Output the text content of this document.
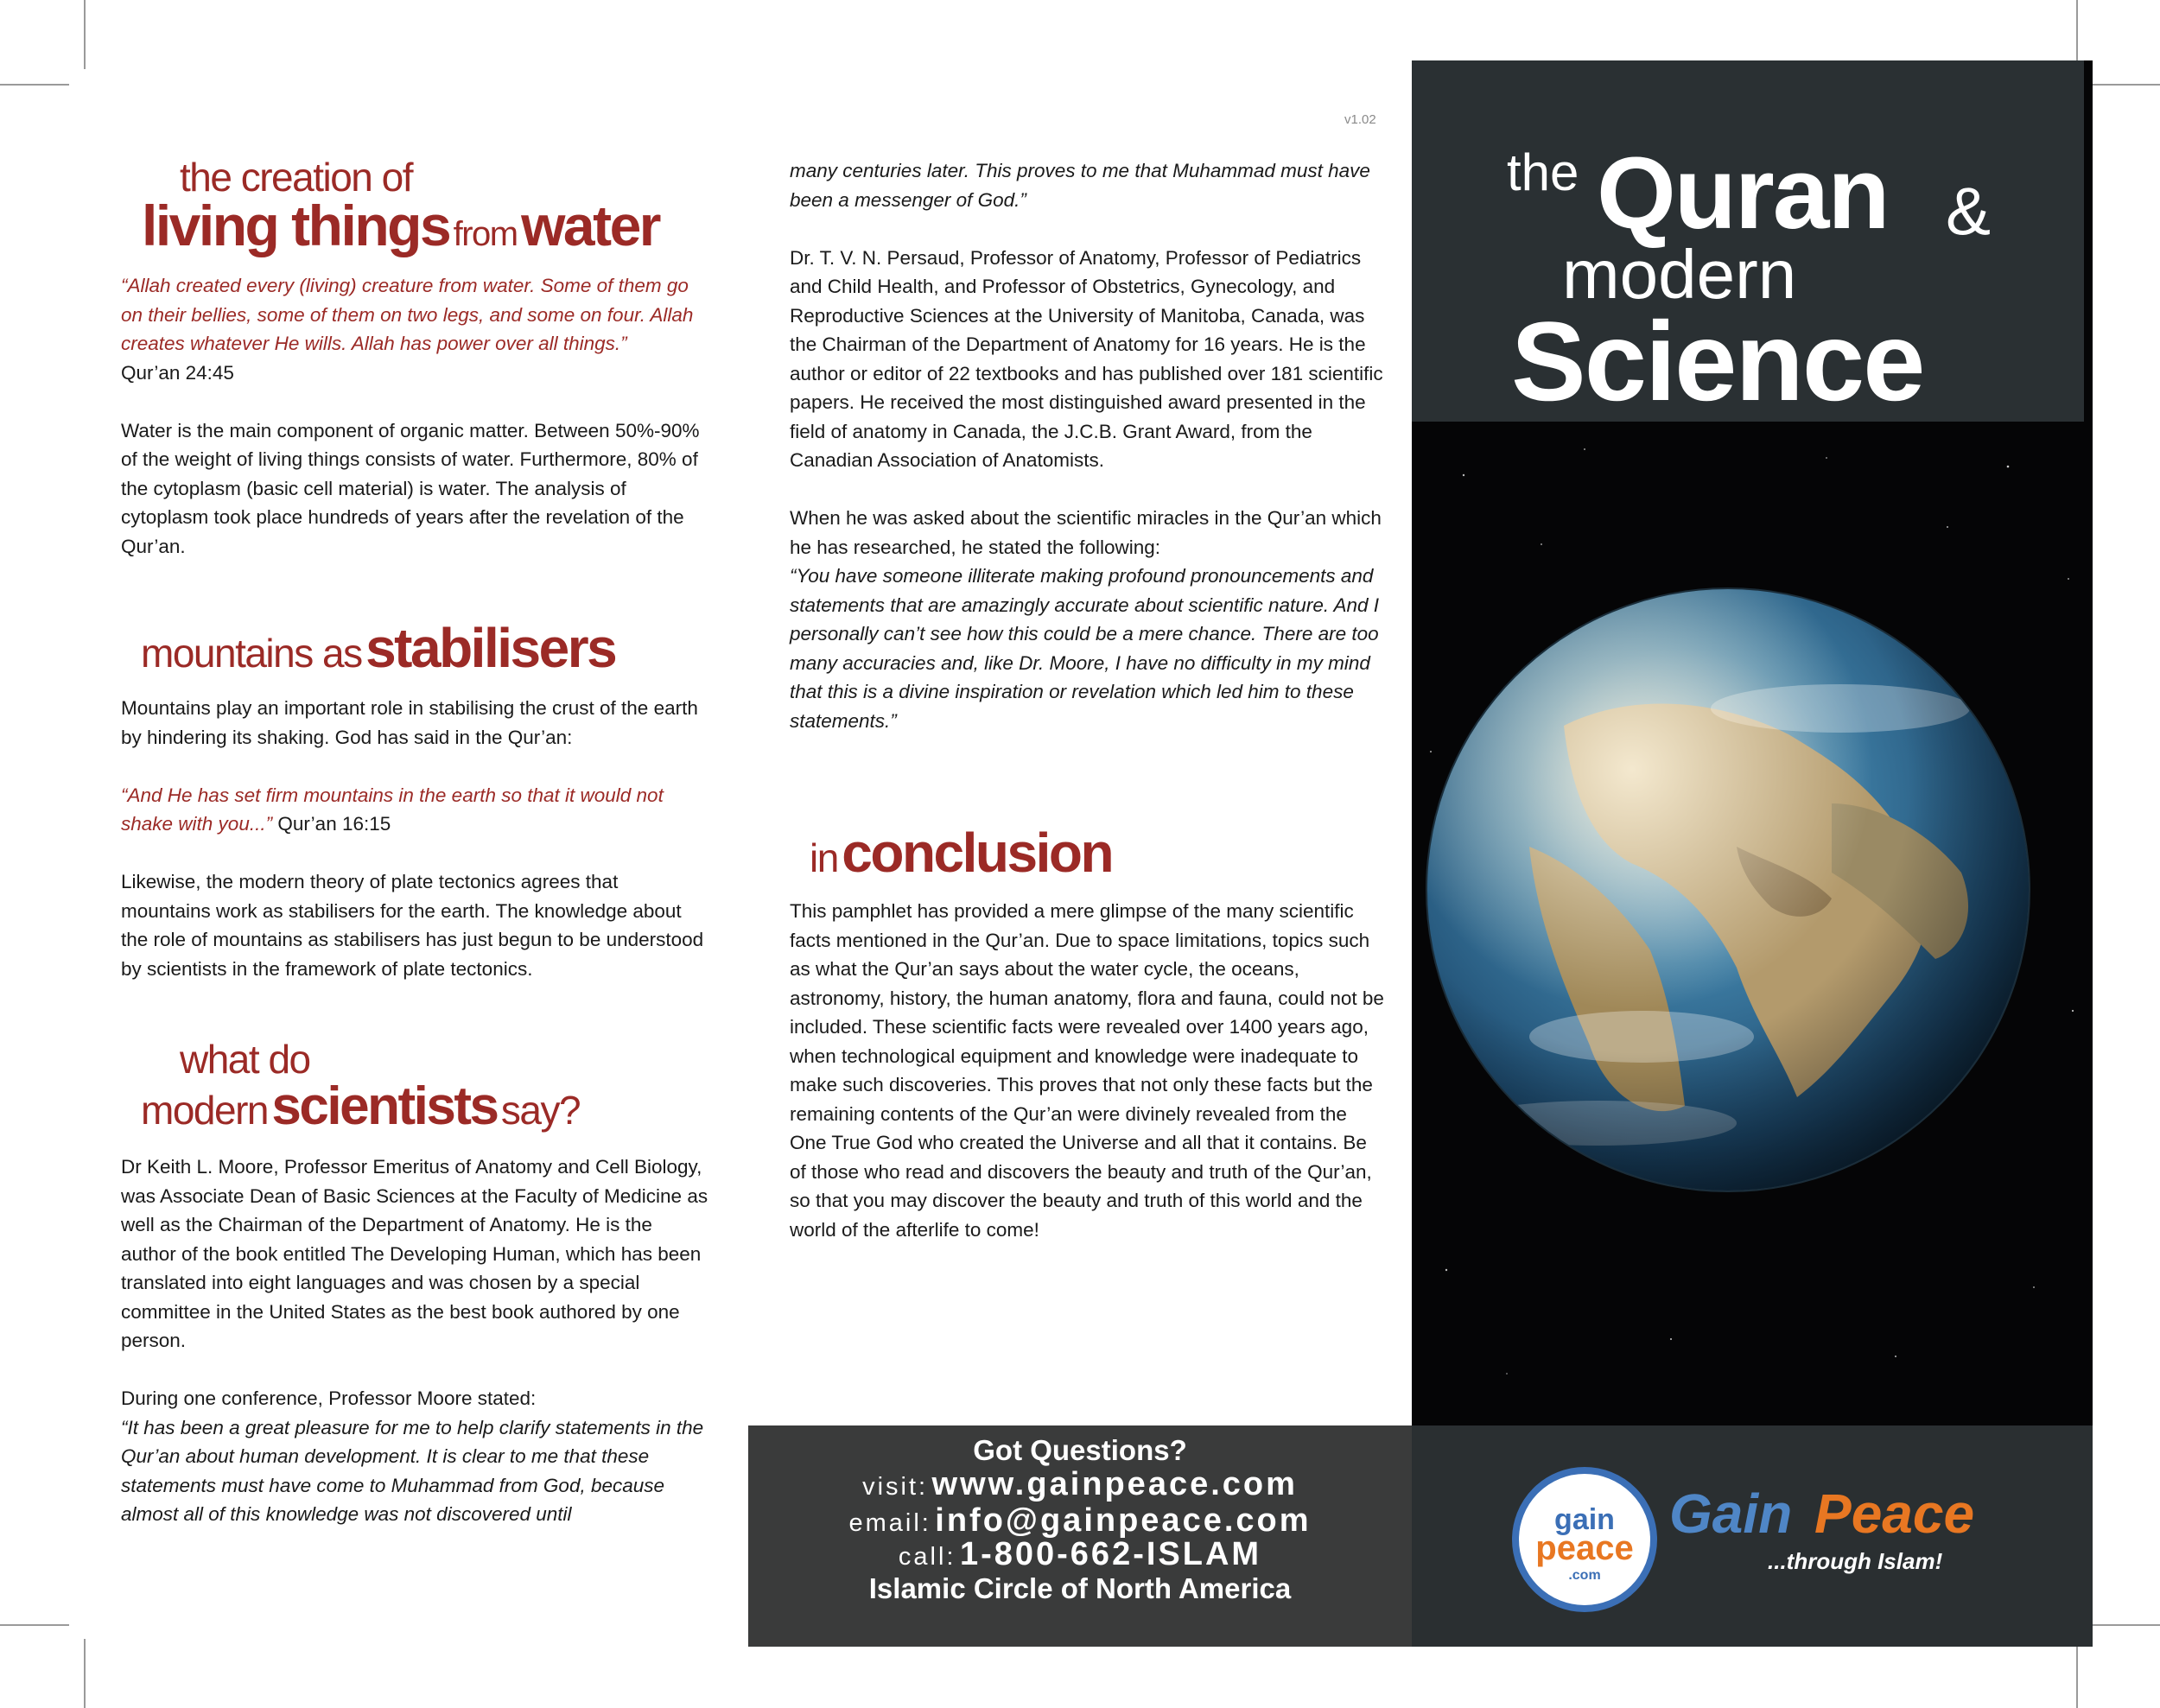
v1.02
the creation of
living things from water

“Allah created every (living) creature from water. Some of them go on their bellies, some of them on two legs, and some on four. Allah creates whatever He wills. Allah has power over all things.”

Qur’an 24:45

Water is the main component of organic matter. Between 50%-90% of the weight of living things consists of water. Furthermore, 80% of the cytoplasm (basic cell material) is water. The analysis of cytoplasm took place hundreds of years after the revelation of the Qur’an.

mountains as stabilisers

Mountains play an important role in stabilising the crust of the earth by hindering its shaking. God has said in the Qur’an:

“And He has set firm mountains in the earth so that it would not shake with you...” Qur’an 16:15

Likewise, the modern theory of plate tectonics agrees that mountains work as stabilisers for the earth. The knowledge about the role of mountains as stabilisers has just begun to be understood by scientists in the framework of plate tectonics.

what do
modern scientists say?

Dr Keith L. Moore, Professor Emeritus of Anatomy and Cell Biology, was Associate Dean of Basic Sciences at the Faculty of Medicine as well as the Chairman of the Department of Anatomy. He is the author of the book entitled The Developing Human, which has been translated into eight languages and was chosen by a special committee in the United States as the best book authored by one person.

During one conference, Professor Moore stated:

“It has been a great pleasure for me to help clarify statements in the Qur’an about human development. It is clear to me that these statements must have come to Muhammad from God, because almost all of this knowledge was not discovered until

many centuries later. This proves to me that Muhammad must have been a messenger of God.”

Dr. T. V. N. Persaud, Professor of Anatomy, Professor of Pediatrics and Child Health, and Professor of Obstetrics, Gynecology, and Reproductive Sciences at the University of Manitoba, Canada, was the Chairman of the Department of Anatomy for 16 years. He is the author or editor of 22 textbooks and has published over 181 scientific papers. He received the most distinguished award presented in the field of anatomy in Canada, the J.C.B. Grant Award, from the Canadian Association of Anatomists.

When he was asked about the scientific miracles in the Qur’an which he has researched, he stated the following:

“You have someone illiterate making profound pronouncements and statements that are amazingly accurate about scientific nature. And I personally can’t see how this could be a mere chance. There are too many accuracies and, like Dr. Moore, I have no difficulty in my mind that this is a divine inspiration or revelation which led him to these statements.”

in conclusion

This pamphlet has provided a mere glimpse of the many scientific facts mentioned in the Qur’an. Due to space limitations, topics such as what the Qur’an says about the water cycle, the oceans, astronomy, history, the human anatomy, flora and fauna, could not be included. These scientific facts were revealed over 1400 years ago, when technological equipment and knowledge were inadequate to make such discoveries. This proves that not only these facts but the remaining contents of the Qur’an were divinely revealed from the One True God who created the Universe and all that it contains. Be of those who read and discovers the beauty and truth of the Qur’an, so that you may discover the beauty and truth of this world and the world of the afterlife to come!

Got Questions?
visit: www.gainpeace.com
email: info@gainpeace.com
call: 1-800-662-ISLAM
Islamic Circle of North America
the Quran &
modern
Science
gain
peace
.com
Gain Peace
...through Islam!
